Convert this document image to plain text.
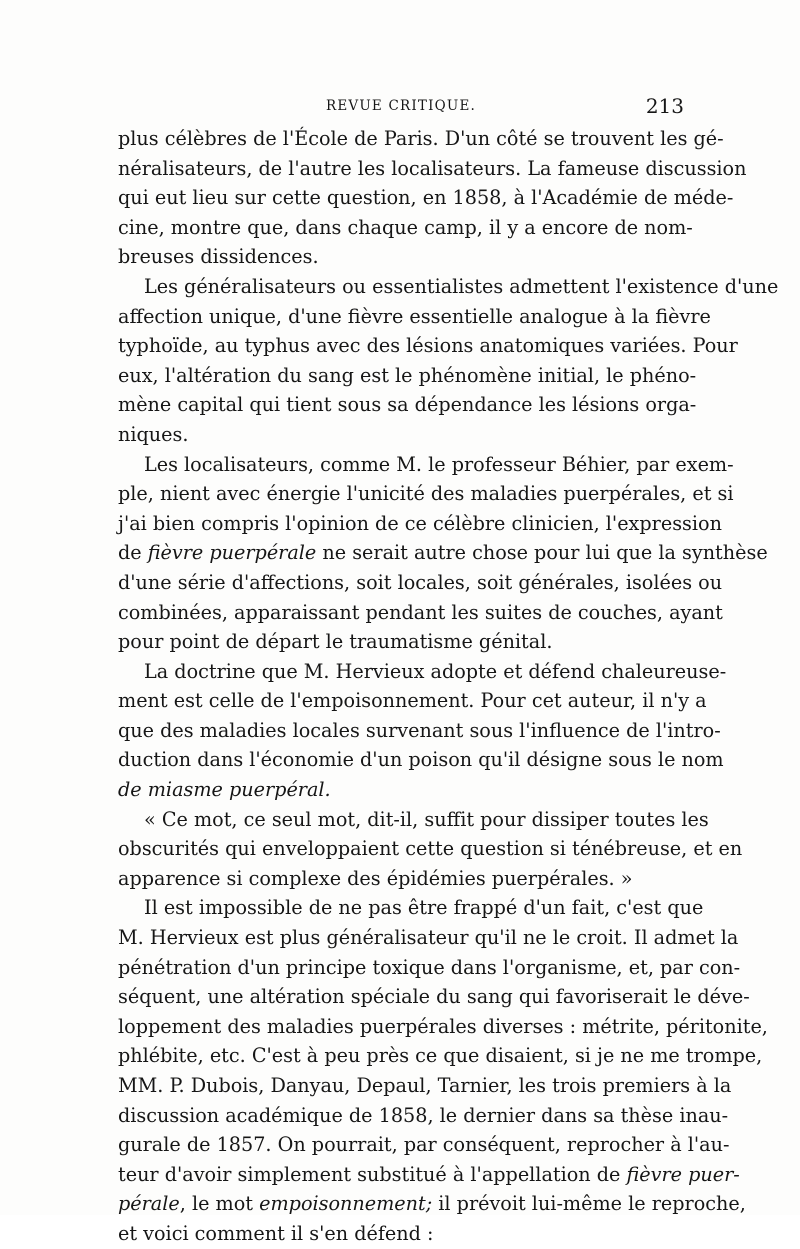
REVUE CRITIQUE.	213
plus célèbres de l'École de Paris. D'un côté se trouvent les gé-
néralisateurs, de l'autre les localisateurs. La fameuse discussion
qui eut lieu sur cette question, en 1858, à l'Académie de méde-
cine, montre que, dans chaque camp, il y a encore de nom-
breuses dissidences.
Les généralisateurs ou essentialistes admettent l'existence d'une
affection unique, d'une fièvre essentielle analogue à la fièvre
typhoïde, au typhus avec des lésions anatomiques variées. Pour
eux, l'altération du sang est le phénomène initial, le phéno-
mène capital qui tient sous sa dépendance les lésions orga-
niques.
Les localisateurs, comme M. le professeur Béhier, par exem-
ple, nient avec énergie l'unicité des maladies puerpérales, et si
j'ai bien compris l'opinion de ce célèbre clinicien, l'expression
de fièvre puerpérale ne serait autre chose pour lui que la synthèse
d'une série d'affections, soit locales, soit générales, isolées ou
combinées, apparaissant pendant les suites de couches, ayant
pour point de départ le traumatisme génital.
La doctrine que M. Hervieux adopte et défend chaleureuse-
ment est celle de l'empoisonnement. Pour cet auteur, il n'y a
que des maladies locales survenant sous l'influence de l'intro-
duction dans l'économie d'un poison qu'il désigne sous le nom
de miasme puerpéral.
« Ce mot, ce seul mot, dit-il, suffit pour dissiper toutes les
obscurités qui enveloppaient cette question si ténébreuse, et en
apparence si complexe des épidémies puerpérales. »
Il est impossible de ne pas être frappé d'un fait, c'est que
M. Hervieux est plus généralisateur qu'il ne le croit. Il admet la
pénétration d'un principe toxique dans l'organisme, et, par con-
séquent, une altération spéciale du sang qui favoriserait le déve-
loppement des maladies puerpérales diverses : métrite, péritonite,
phlébite, etc. C'est à peu près ce que disaient, si je ne me trompe,
MM. P. Dubois, Danyau, Depaul, Tarnier, les trois premiers à la
discussion académique de 1858, le dernier dans sa thèse inau-
gurale de 1857. On pourrait, par conséquent, reprocher à l'au-
teur d'avoir simplement substitué à l'appellation de fièvre puer-
pérale, le mot empoisonnement; il prévoit lui-même le reproche,
et voici comment il s'en défend :
